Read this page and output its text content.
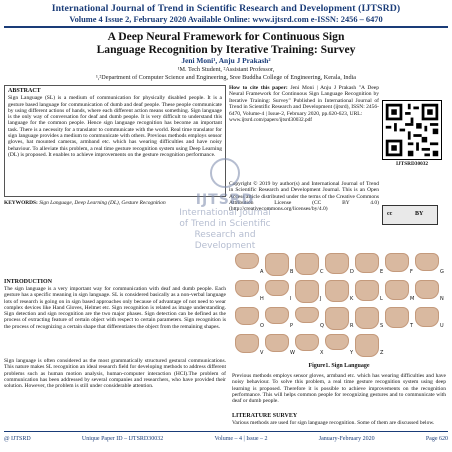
International Journal of Trend in Scientific Research and Development (IJTSRD)
Volume 4 Issue 2, February 2020 Available Online: www.ijtsrd.com e-ISSN: 2456 – 6470
A Deep Neural Framework for Continuous Sign
Language Recognition by Iterative Training: Survey
Jeni Moni¹, Anju J Prakash²
¹M. Tech Student, ²Assistant Professor,
¹,²Department of Computer Science and Engineering, Sree Buddha College of Engineering, Kerala, India
ABSTRACT
Sign Language (SL) is a medium of communication for physically disabled people. It is a gesture based language for communication of dumb and deaf people. These people communicate by using different actions of hands, where each different action means something. Sign language is the only way of conversation for deaf and dumb people. It is very difficult to understand this language for the common people. Hence sign language recognition has become an important task. There is a necessity for a translator to communicate with the world. Real time translator for sign language provides a medium to communicate with others. Previous methods employs sensor gloves, hat mounted cameras, armband etc. which has wearing difficulties and have noisy behaviour. To alleviate this problem, a real time gesture recognition system using Deep Learning (DL) is proposed. It enables to achieve improvements on the gesture recognition performance.
KEYWORDS: Sign Language, Deep Learning (DL), Gesture Recognition
How to cite this paper: Jeni Moni | Anju J Prakash "A Deep Neural Framework for Continuous Sign Language Recognition by Iterative Training: Survey" Published in International Journal of Trend in Scientific Research and Development (ijtsrd), ISSN: 2456-6470, Volume-4 | Issue-2, February 2020, pp.620-623, URL:
www.ijtsrd.com/papers/ijtsrd30032.pdf
IJTSRD30032
Copyright © 2019 by author(s) and International Journal of Trend in Scientific Research and Development Journal. This is an Open Access article distributed under the terms of the Creative Commons Attribution License (CC BY 4.0) (http://creativecommons.org/licenses/by/4.0)
cc	BY
IJTSRD
International Journal
of Trend in Scientific
Research and
Development
INTRODUCTION
The sign language is a very important way for communication with deaf and dumb people. Each gesture has a specific meaning in sign language. SL is considered basically as a non-verbal language lots of research is going on in sign based approaches only because of advantage of not need to wear complex devices like Hand Gloves, Helmet etc. Sign recognition is related as image understanding. Sign detection and sign recognition are the two major phases. Sign detection can be defined as the process of extracting feature of certain object with respect to certain parameters. Sign recognition is the process of recognizing a certain shape that differentiates the object from the remaining shapes.
Sign language is often considered as the most grammatically structured gestural communications. This nature makes SL recognition an ideal research field for developing methods to address different problems such as human motion analysis, human-computer interaction (HCI).The problem of communication has been addressed by several companies and researchers, who have provided their solution. However, the problem is still under considerable attention.
A	B	C	D	E	F	G
H	I	J	K	L	M	N
O	P	Q	R	S	T	U
V	W	X	Y	Z
Figure1. Sign Language
Previous methods employs sensor gloves, armband etc. which has wearing difficulties and have noisy behaviour. To solve this problem, a real time gesture recognition system using deep learning is proposed. Therefore it is possible to achieve improvements on the recognition performance. This will helps common people for recognizing gestures and to communicate with deaf or dumb people.
LITERATURE SURVEY
Various methods are used for sign language recognition. Some of them are discussed below.
@ IJTSRD	Unique Paper ID – IJTSRD30032	Volume – 4 | Issue – 2	January-February 2020	Page 620
